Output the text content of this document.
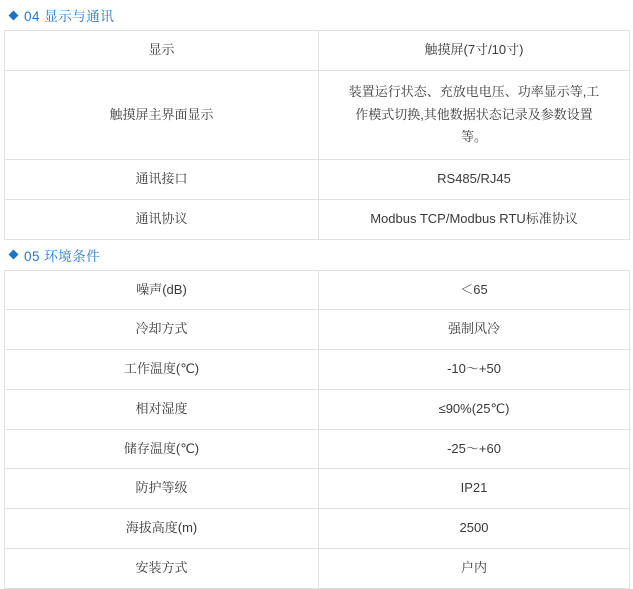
04 显示与通讯
显示	触摸屏(7寸/10寸)
触摸屏主界面显示	装置运行状态、充放电电压、功率显示等,工作模式切换,其他数据状态记录及参数设置等。
通讯接口	RS485/RJ45
通讯协议	Modbus TCP/Modbus RTU标准协议
05 环境条件
噪声(dB)	＜65
冷却方式	强制风冷
工作温度(℃)	-10～+50
相对湿度	≤90%(25℃)
储存温度(℃)	-25～+60
防护等级	IP21
海拔高度(m)	2500
安装方式	户内
